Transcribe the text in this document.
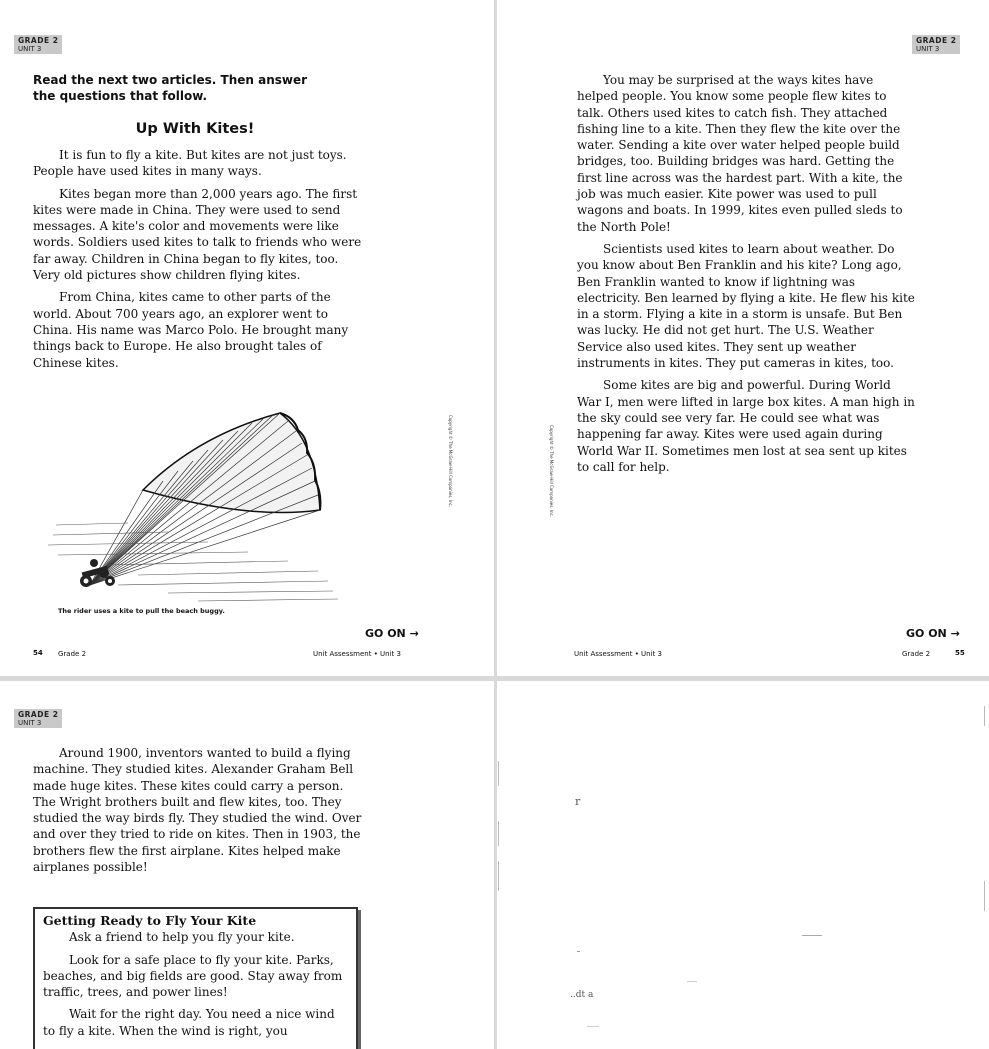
GRADE 2
UNIT 3
Read the next two articles. Then answer the questions that follow.
Up With Kites!

It is fun to fly a kite. But kites are not just toys. People have used kites in many ways.

Kites began more than 2,000 years ago. The first kites were made in China. They were used to send messages. A kite's color and movements were like words. Soldiers used kites to talk to friends who were far away. Children in China began to fly kites, too. Very old pictures show children flying kites.

From China, kites came to other parts of the world. About 700 years ago, an explorer went to China. His name was Marco Polo. He brought many things back to Europe. He also brought tales of Chinese kites.

The rider uses a kite to pull the beach buggy.
Copyright © The McGraw-Hill Companies, Inc.
GO ON →
54 Grade 2	Unit Assessment • Unit 3
GRADE 2
UNIT 3

You may be surprised at the ways kites have helped people. You know some people flew kites to talk. Others used kites to catch fish. They attached fishing line to a kite. Then they flew the kite over the water. Sending a kite over water helped people build bridges, too. Building bridges was hard. Getting the first line across was the hardest part. With a kite, the job was much easier. Kite power was used to pull wagons and boats. In 1999, kites even pulled sleds to the North Pole!

Scientists used kites to learn about weather. Do you know about Ben Franklin and his kite? Long ago, Ben Franklin wanted to know if lightning was electricity. Ben learned by flying a kite. He flew his kite in a storm. Flying a kite in a storm is unsafe. But Ben was lucky. He did not get hurt. The U.S. Weather Service also used kites. They sent up weather instruments in kites. They put cameras in kites, too.

Some kites are big and powerful. During World War I, men were lifted in large box kites. A man high in the sky could see very far. He could see what was happening far away. Kites were used again during World War II. Sometimes men lost at sea sent up kites to call for help.

Copyright © The McGraw-Hill Companies, Inc.
GO ON →
Unit Assessment • Unit 3	Grade 2	55
GRADE 2
UNIT 3

Around 1900, inventors wanted to build a flying machine. They studied kites. Alexander Graham Bell made huge kites. These kites could carry a person. The Wright brothers built and flew kites, too. They studied the way birds fly. They studied the wind. Over and over they tried to ride on kites. Then in 1903, the brothers flew the first airplane. Kites helped make airplanes possible!

Getting Ready to Fly Your Kite

Ask a friend to help you fly your kite.

Look for a safe place to fly your kite. Parks, beaches, and big fields are good. Stay away from traffic, trees, and power lines!

Wait for the right day. You need a nice wind to fly a kite. When the wind is right, you

r
..dt a
